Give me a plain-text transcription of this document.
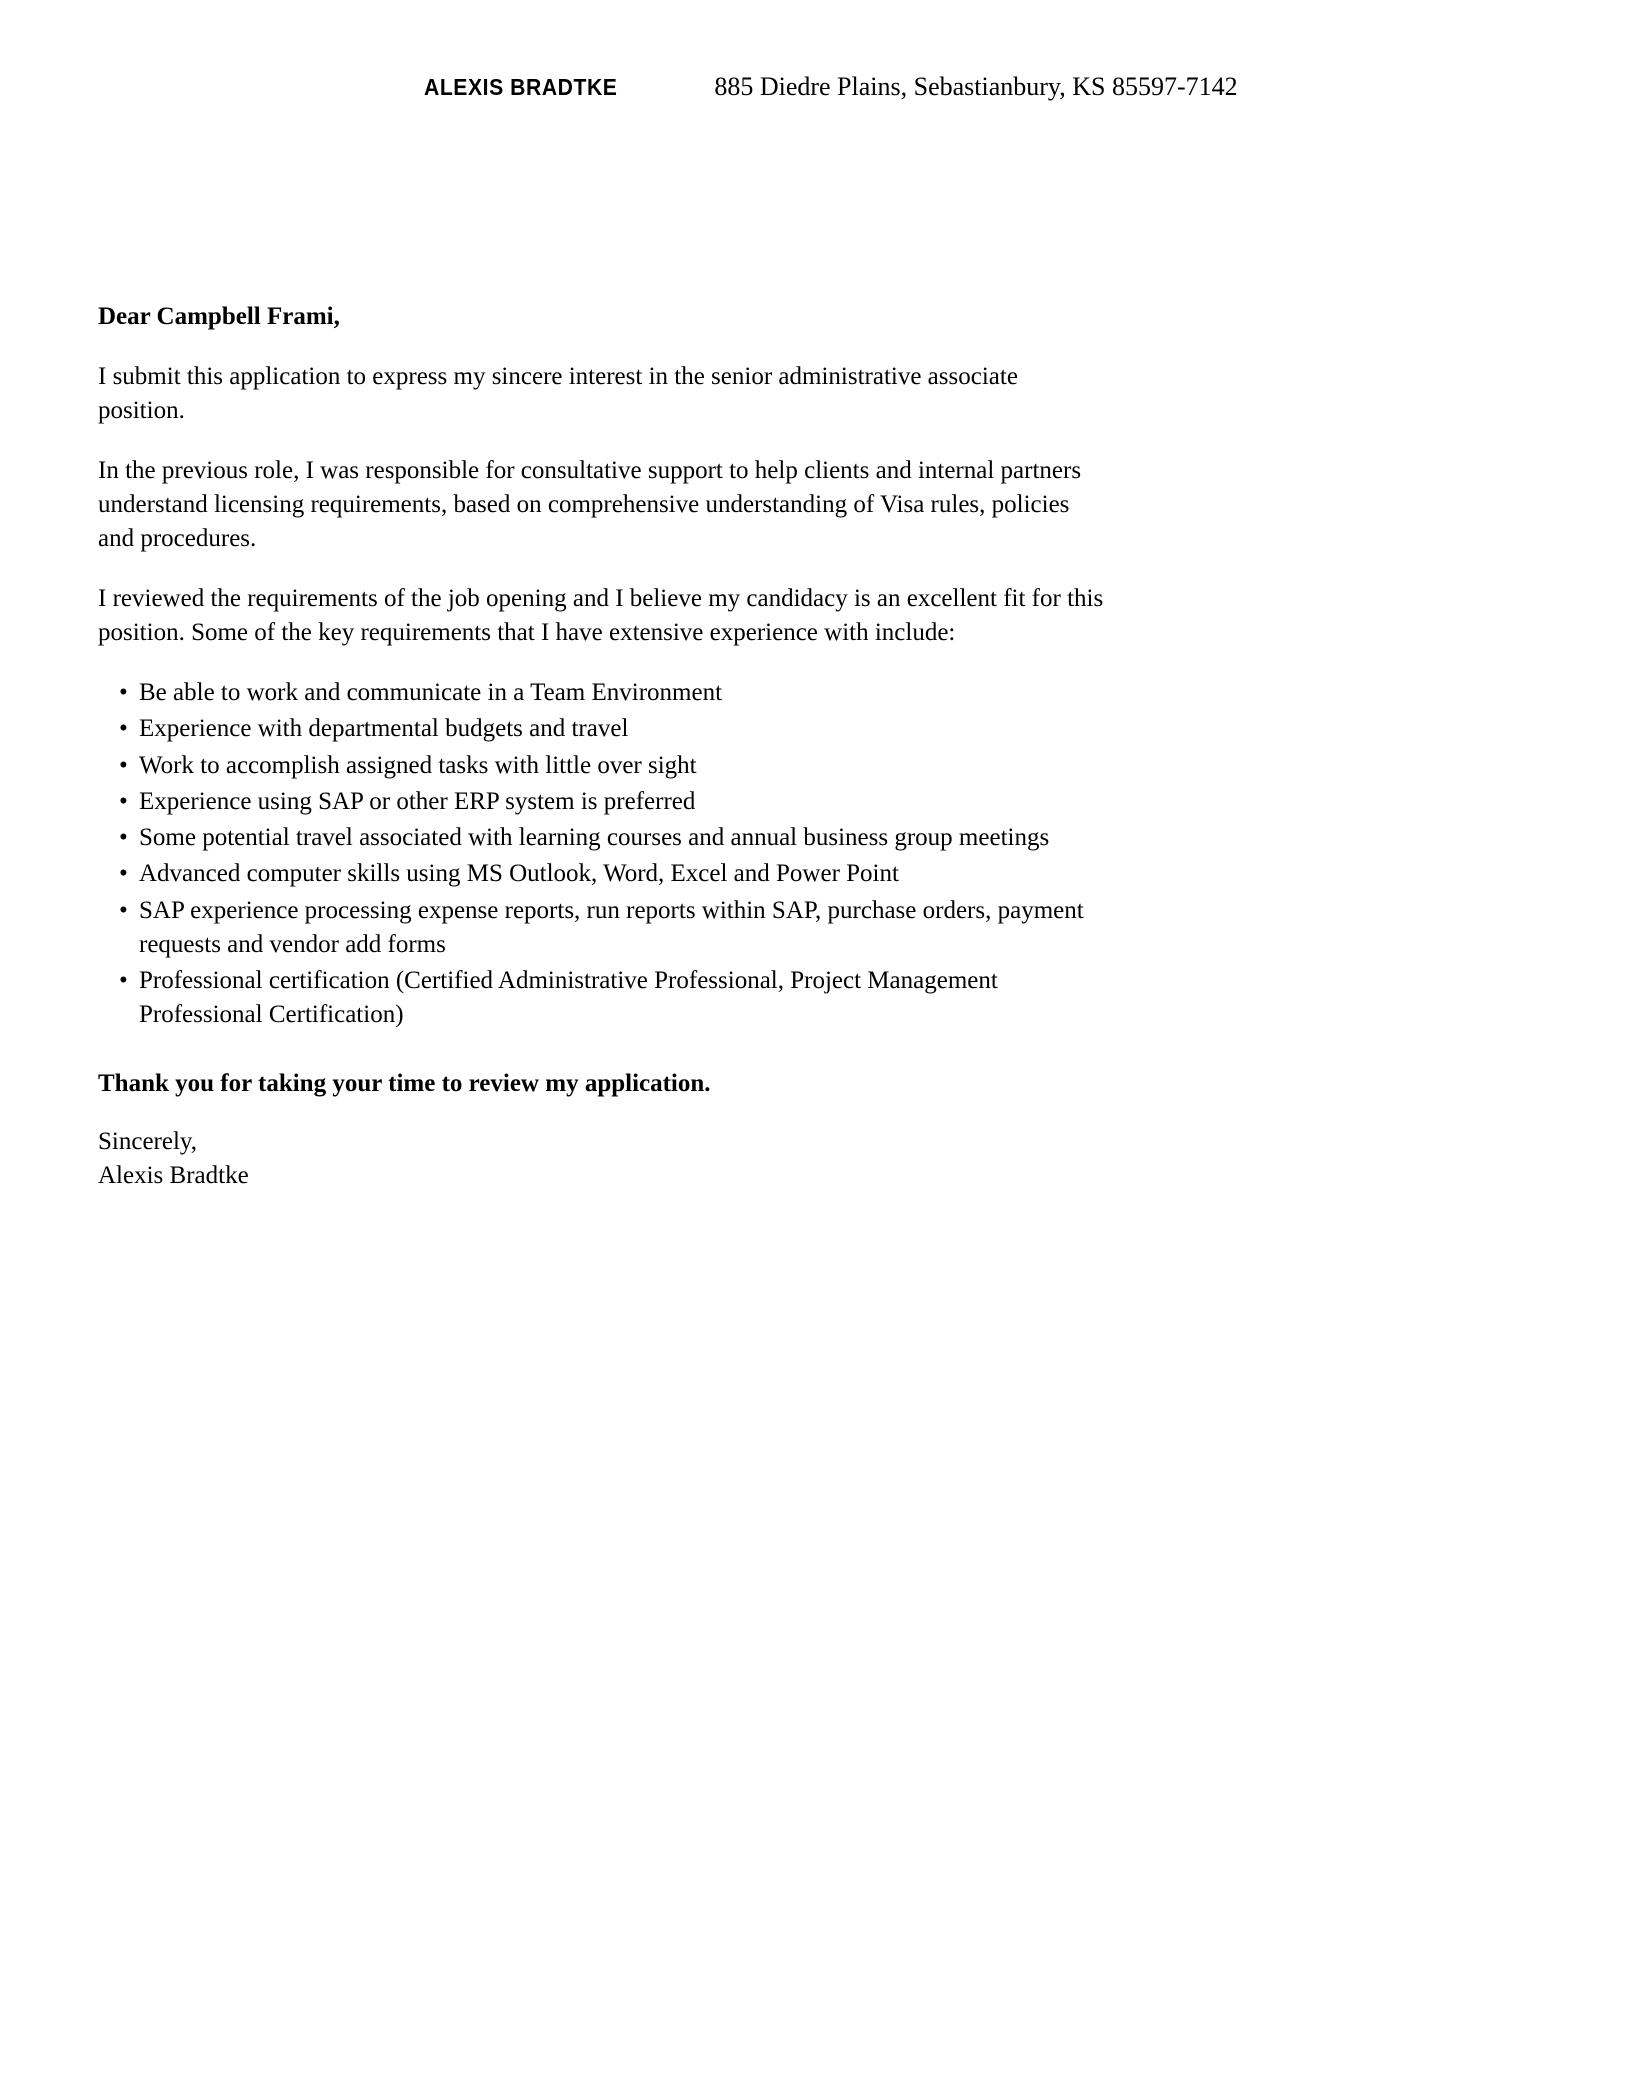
ALEXIS BRADTKE	885 Diedre Plains, Sebastianbury, KS 85597-7142

Dear Campbell Frami,

I submit this application to express my sincere interest in the senior administrative associate position.

In the previous role, I was responsible for consultative support to help clients and internal partners understand licensing requirements, based on comprehensive understanding of Visa rules, policies and procedures.

I reviewed the requirements of the job opening and I believe my candidacy is an excellent fit for this position. Some of the key requirements that I have extensive experience with include:

• Be able to work and communicate in a Team Environment
• Experience with departmental budgets and travel
• Work to accomplish assigned tasks with little over sight
• Experience using SAP or other ERP system is preferred
• Some potential travel associated with learning courses and annual business group meetings
• Advanced computer skills using MS Outlook, Word, Excel and Power Point
• SAP experience processing expense reports, run reports within SAP, purchase orders, payment requests and vendor add forms
• Professional certification (Certified Administrative Professional, Project Management Professional Certification)

Thank you for taking your time to review my application.

Sincerely,
Alexis Bradtke
